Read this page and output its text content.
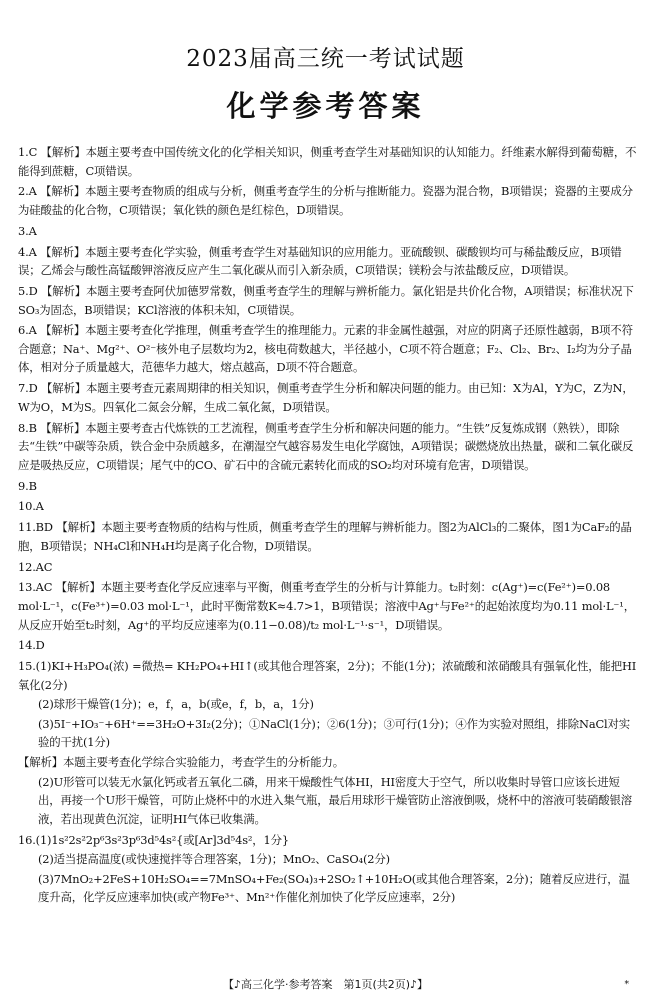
2023届高三统一考试试题
化学参考答案
1.C 【解析】本题主要考查中国传统文化的化学相关知识，侧重考查学生对基础知识的认知能力。纤维素水解得到葡萄糖，不能得到蔗糖，C项错误。
2.A 【解析】本题主要考查物质的组成与分析，侧重考查学生的分析与推断能力。瓷器为混合物，B项错误；瓷器的主要成分为硅酸盐的化合物，C项错误；氧化铁的颜色是红棕色，D项错误。
3.A
4.A 【解析】本题主要考查化学实验，侧重考查学生对基础知识的应用能力。亚硫酸钡、碳酸钡均可与稀盐酸反应，B项错误；乙烯会与酸性高锰酸钾溶液反应产生二氧化碳从而引入新杂质，C项错误；镁粉会与浓盐酸反应，D项错误。
5.D 【解析】本题主要考查阿伏加德罗常数，侧重考查学生的理解与辨析能力。氯化铝是共价化合物，A项错误；标准状况下SO₃为固态，B项错误；KCl溶液的体积未知，C项错误。
6.A 【解析】本题主要考查化学推理，侧重考查学生的推理能力。元素的非金属性越强，对应的阴离子还原性越弱，B项不符合题意；Na⁺、Mg²⁺、O²⁻核外电子层数均为2，核电荷数越大，半径越小，C项不符合题意；F₂、Cl₂、Br₂、I₂均为分子晶体，相对分子质量越大，范德华力越大，熔点越高，D项不符合题意。
7.D 【解析】本题主要考查元素周期律的相关知识，侧重考查学生分析和解决问题的能力。由已知：X为Al，Y为C，Z为N，W为O，M为S。四氧化二氮会分解，生成二氧化氮，D项错误。
8.B 【解析】本题主要考查古代炼铁的工艺流程，侧重考查学生分析和解决问题的能力。“生铁”反复炼成钢（熟铁），即除去“生铁”中碳等杂质，铁合金中杂质越多，在潮湿空气越容易发生电化学腐蚀，A项错误；碳燃烧放出热量，碳和二氧化碳反应是吸热反应，C项错误；尾气中的CO、矿石中的含硫元素转化而成的SO₂均对环境有危害，D项错误。
9.B
10.A
11.BD 【解析】本题主要考查物质的结构与性质，侧重考查学生的理解与辨析能力。图2为AlCl₃的二聚体，图1为CaF₂的晶胞，B项错误；NH₄Cl和NH₄H均是离子化合物，D项错误。
12.AC
13.AC 【解析】本题主要考查化学反应速率与平衡，侧重考查学生的分析与计算能力。t₂时刻：c(Ag⁺)=c(Fe²⁺)=0.08 mol·L⁻¹，c(Fe³⁺)=0.03 mol·L⁻¹，此时平衡常数K≈4.7>1，B项错误；溶液中Ag⁺与Fe²⁺的起始浓度均为0.11 mol·L⁻¹，从反应开始至t₂时刻，Ag⁺的平均反应速率为(0.11−0.08)/t₂ mol·L⁻¹·s⁻¹，D项错误。
14.D
15.(1)KI+H₃PO₄(浓) =微热= KH₂PO₄+HI↑(或其他合理答案，2分)；不能(1分)；浓硫酸和浓硝酸具有强氧化性，能把HI氧化(2分)
(2)球形干燥管(1分)；e，f，a，b(或e，f，b，a，1分)
(3)5I⁻+IO₃⁻+6H⁺==3H₂O+3I₂(2分)；①NaCl(1分)；②6(1分)；③可行(1分)；④作为实验对照组，排除NaCl对实验的干扰(1分)
【解析】本题主要考查化学综合实验能力，考查学生的分析能力。
(2)U形管可以装无水氯化钙或者五氧化二磷，用来干燥酸性气体HI，HI密度大于空气，所以收集时导管口应该长进短出，再接一个U形干燥管，可防止烧杯中的水进入集气瓶，最后用球形干燥管防止溶液倒吸，烧杯中的溶液可装硝酸银溶液，若出现黄色沉淀，证明HI气体已收集满。
16.(1)1s²2s²2p⁶3s²3p⁶3d⁵4s²{或[Ar]3d⁵4s²，1分}
(2)适当提高温度(或快速搅拌等合理答案，1分)；MnO₂、CaSO₄(2分)
(3)7MnO₂+2FeS+10H₂SO₄==7MnSO₄+Fe₂(SO₄)₃+2SO₂↑+10H₂O(或其他合理答案，2分)；随着反应进行，温度升高，化学反应速率加快(或产物Fe³⁺、Mn²⁺作催化剂加快了化学反应速率，2分)
【♪高三化学·参考答案　第1页(共2页)♪】	*
